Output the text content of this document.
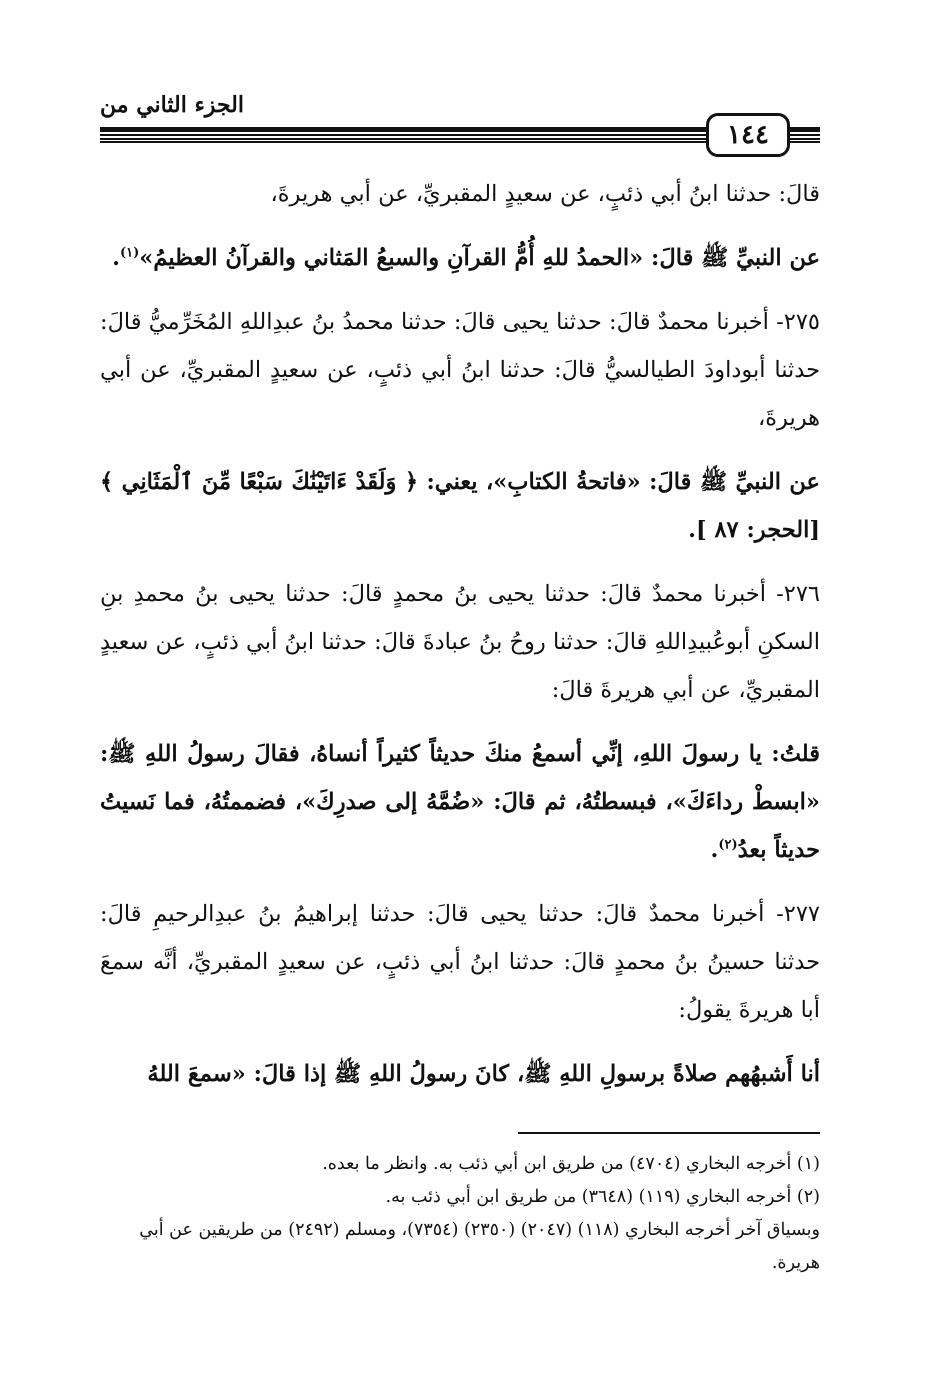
الجزء الثاني من
١٤٤

قالَ: حدثنا ابنُ أبي ذئبٍ، عن سعيدٍ المقبريِّ، عن أبي هريرةَ،

عن النبيِّ ﷺ قالَ: «الحمدُ للهِ أُمُّ القرآنِ والسبعُ المَثاني والقرآنُ العظيمُ»$^{(١)}$.

٢٧٥- أخبرنا محمدٌ قالَ: حدثنا يحيى قالَ: حدثنا محمدُ بنُ عبدِاللهِ المُخَرِّميُّ قالَ: حدثنا أبوداودَ الطيالسيُّ قالَ: حدثنا ابنُ أبي ذئبٍ، عن سعيدٍ المقبريِّ، عن أبي هريرةَ،

عن النبيِّ ﷺ قالَ: «فاتحةُ الكتابِ»، يعني: ﴿ وَلَقَدْ ءَاتَيْنَٰكَ سَبْعًا مِّنَ ٱلْمَثَانِي ﴾ [الحجر: ٨٧ ].

٢٧٦- أخبرنا محمدٌ قالَ: حدثنا يحيى بنُ محمدٍ قالَ: حدثنا يحيى بنُ محمدِ بنِ السكنِ أبوعُبيدِاللهِ قالَ: حدثنا روحُ بنُ عبادةَ قالَ: حدثنا ابنُ أبي ذئبٍ، عن سعيدٍ المقبريِّ، عن أبي هريرةَ قالَ:

قلتُ: يا رسولَ اللهِ، إنِّي أسمعُ منكَ حديثاً كثيراً أنساهُ، فقالَ رسولُ اللهِ ﷺ: «ابسطْ رداءَكَ»، فبسطتُهُ، ثم قالَ: «ضُمَّهُ إلى صدرِكَ»، فضممتُهُ، فما نَسيتُ حديثاً بعدُ$^{(٢)}$.

٢٧٧- أخبرنا محمدٌ قالَ: حدثنا يحيى قالَ: حدثنا إبراهيمُ بنُ عبدِالرحيمِ قالَ: حدثنا حسينُ بنُ محمدٍ قالَ: حدثنا ابنُ أبي ذئبٍ، عن سعيدٍ المقبريِّ، أنَّه سمعَ أبا هريرةَ يقولُ:

أنا أَشبهُهم صلاةً برسولِ اللهِ ﷺ، كانَ رسولُ اللهِ ﷺ إذا قالَ: «سمعَ اللهُ

(١) أخرجه البخاري (٤٧٠٤) من طريق ابن أبي ذئب به. وانظر ما بعده.

(٢) أخرجه البخاري (١١٩) (٣٦٤٨) من طريق ابن أبي ذئب به.

وبسياق آخر أخرجه البخاري (١١٨) (٢٠٤٧) (٢٣٥٠) (٧٣٥٤)، ومسلم (٢٤٩٢) من طريقين عن أبي هريرة.
